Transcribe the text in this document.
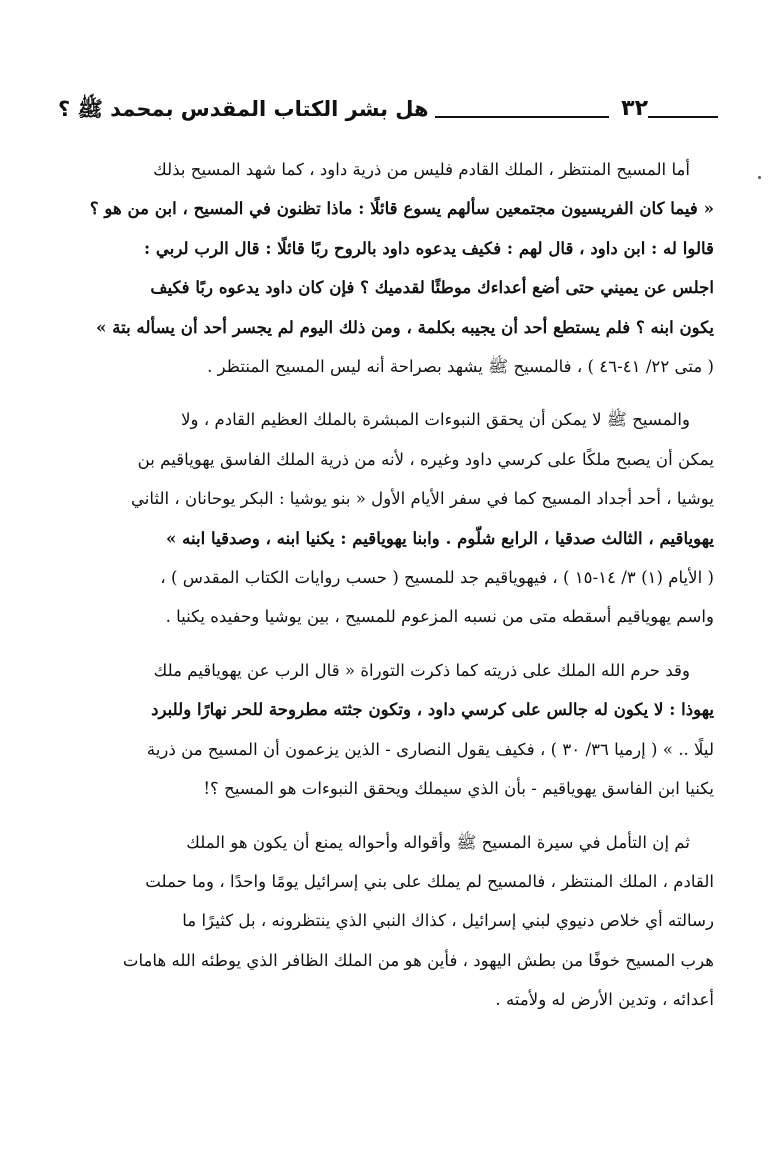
٣٢
هل بشر الكتاب المقدس بمحمد ﷺ ؟

أما المسيح المنتظر ، الملك القادم فليس من ذرية داود ، كما شهد المسيح بذلك

« فيما كان الفريسيون مجتمعين سألهم يسوع قائلًا : ماذا تظنون في المسيح ، ابن من هو ؟

قالوا له : ابن داود ، قال لهم : فكيف يدعوه داود بالروح ربًا قائلًا : قال الرب لربي :

اجلس عن يميني حتى أضع أعداءك موطئًا لقدميك ؟ فإن كان داود يدعوه ربًا فكيف

يكون ابنه ؟ فلم يستطع أحد أن يجيبه بكلمة ، ومن ذلك اليوم لم يجسر أحد أن يسأله بتة »

( متى ٢٢/ ٤١-٤٦ ) ، فالمسيح ﷺ يشهد بصراحة أنه ليس المسيح المنتظر .

والمسيح ﷺ لا يمكن أن يحقق النبوءات المبشرة بالملك العظيم القادم ، ولا

يمكن أن يصبح ملكًا على كرسي داود وغيره ، لأنه من ذرية الملك الفاسق يهوياقيم بن

يوشيا ، أحد أجداد المسيح كما في سفر الأيام الأول « بنو يوشيا : البكر يوحانان ، الثاني

يهوياقيم ، الثالث صدقيا ، الرابع شلّوم . وابنا يهوياقيم : يكنيا ابنه ، وصدقيا ابنه »

( الأيام (١) ٣/ ١٤-١٥ ) ، فيهوياقيم جد للمسيح ( حسب روايات الكتاب المقدس ) ،

واسم يهوياقيم أسقطه متى من نسبه المزعوم للمسيح ، بين يوشيا وحفيده يكنيا .

وقد حرم الله الملك على ذريته كما ذكرت التوراة « قال الرب عن يهوياقيم ملك

يهوذا : لا يكون له جالس على كرسي داود ، وتكون جثته مطروحة للحر نهارًا وللبرد

ليلًا .. » ( إرميا ٣٦/ ٣٠ ) ، فكيف يقول النصارى - الذين يزعمون أن المسيح من ذرية

يكنيا ابن الفاسق يهوياقيم - بأن الذي سيملك ويحقق النبوءات هو المسيح ؟!

ثم إن التأمل في سيرة المسيح ﷺ وأقواله وأحواله يمنع أن يكون هو الملك

القادم ، الملك المنتظر ، فالمسيح لم يملك على بني إسرائيل يومًا واحدًا ، وما حملت

رسالته أي خلاص دنيوي لبني إسرائيل ، كذاك النبي الذي ينتظرونه ، بل كثيرًا ما

هرب المسيح خوفًا من بطش اليهود ، فأين هو من الملك الظافر الذي يوطئه الله هامات

أعدائه ، وتدين الأرض له ولأمته .
